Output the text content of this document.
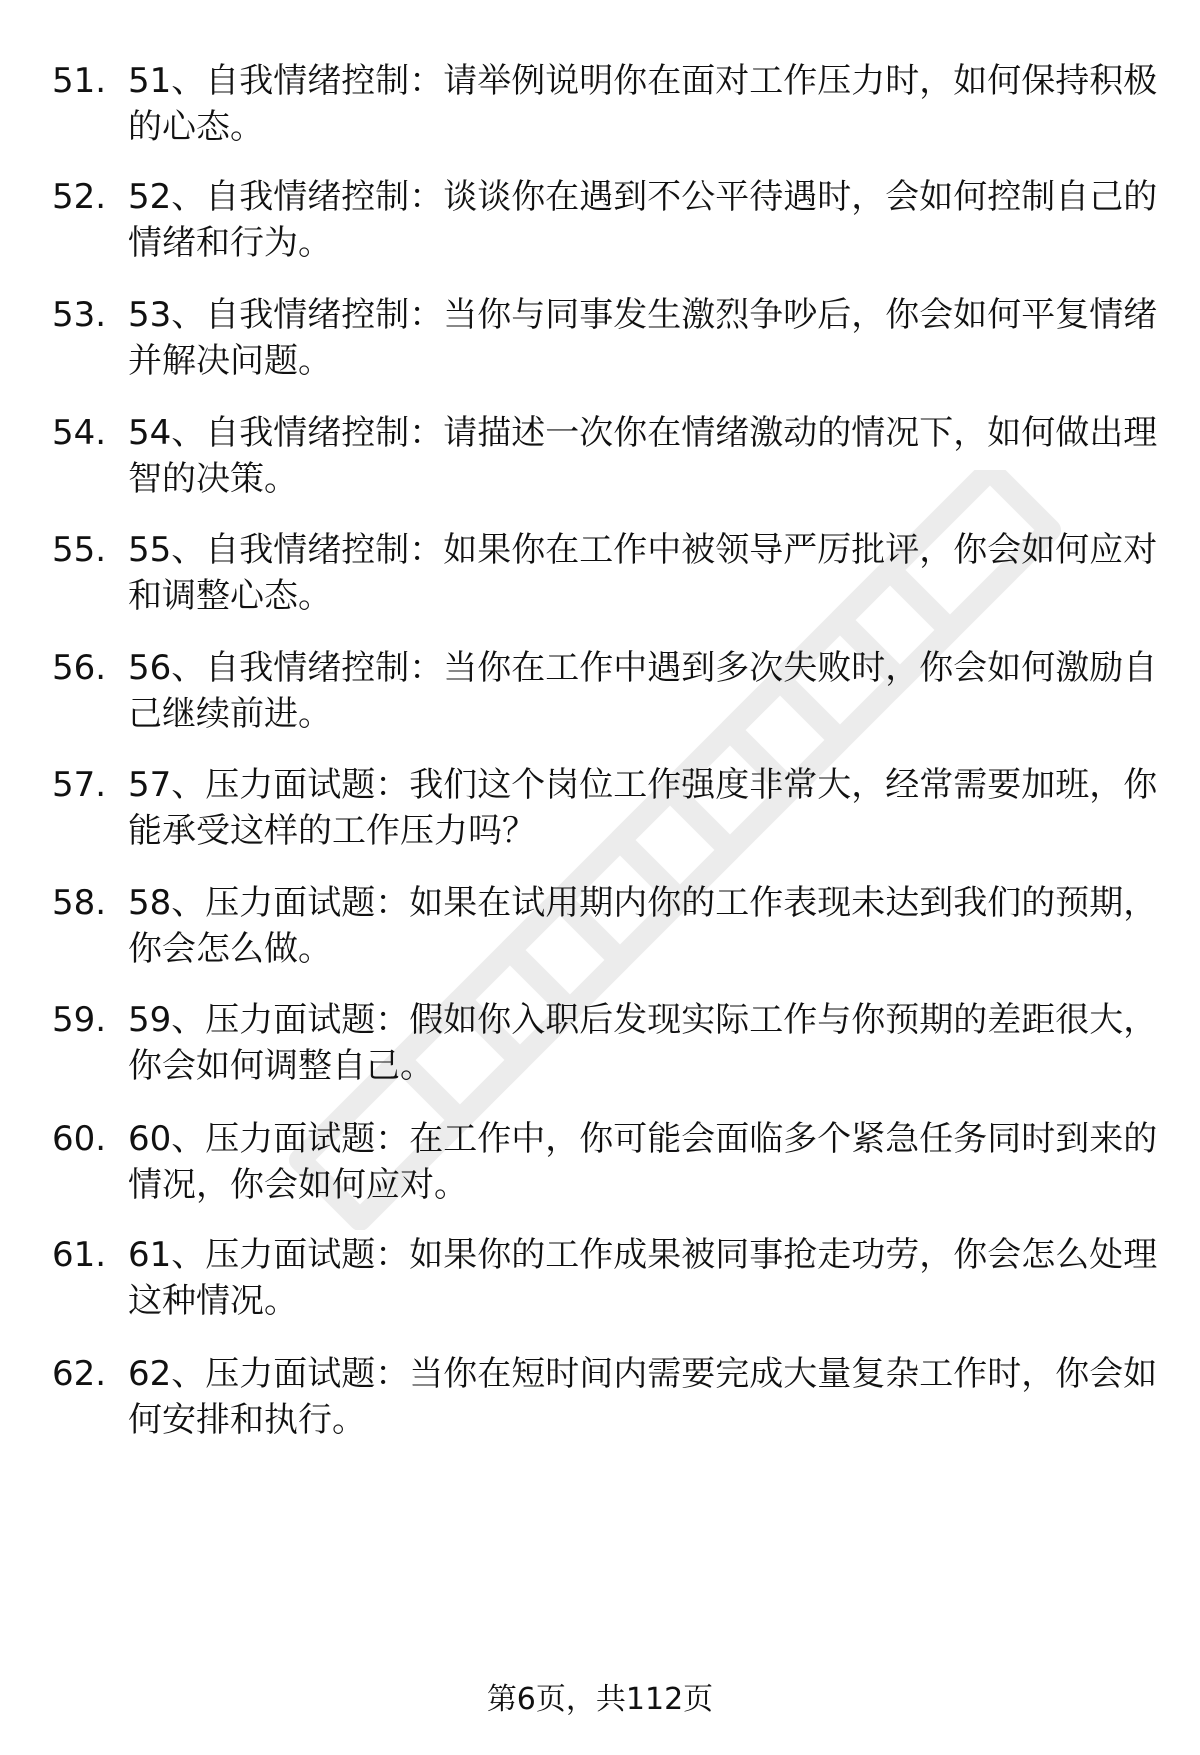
51. 51、自我情绪控制：请举例说明你在面对工作压力时，如何保持积极的心态。
52. 52、自我情绪控制：谈谈你在遇到不公平待遇时，会如何控制自己的情绪和行为。
53. 53、自我情绪控制：当你与同事发生激烈争吵后，你会如何平复情绪并解决问题。
54. 54、自我情绪控制：请描述一次你在情绪激动的情况下，如何做出理智的决策。
55. 55、自我情绪控制：如果你在工作中被领导严厉批评，你会如何应对和调整心态。
56. 56、自我情绪控制：当你在工作中遇到多次失败时，你会如何激励自己继续前进。
57. 57、压力面试题：我们这个岗位工作强度非常大，经常需要加班，你能承受这样的工作压力吗？
58. 58、压力面试题：如果在试用期内你的工作表现未达到我们的预期，你会怎么做。
59. 59、压力面试题：假如你入职后发现实际工作与你预期的差距很大，你会如何调整自己。
60. 60、压力面试题：在工作中，你可能会面临多个紧急任务同时到来的情况，你会如何应对。
61. 61、压力面试题：如果你的工作成果被同事抢走功劳，你会怎么处理这种情况。
62. 62、压力面试题：当你在短时间内需要完成大量复杂工作时，你会如何安排和执行。
第6页，共112页
